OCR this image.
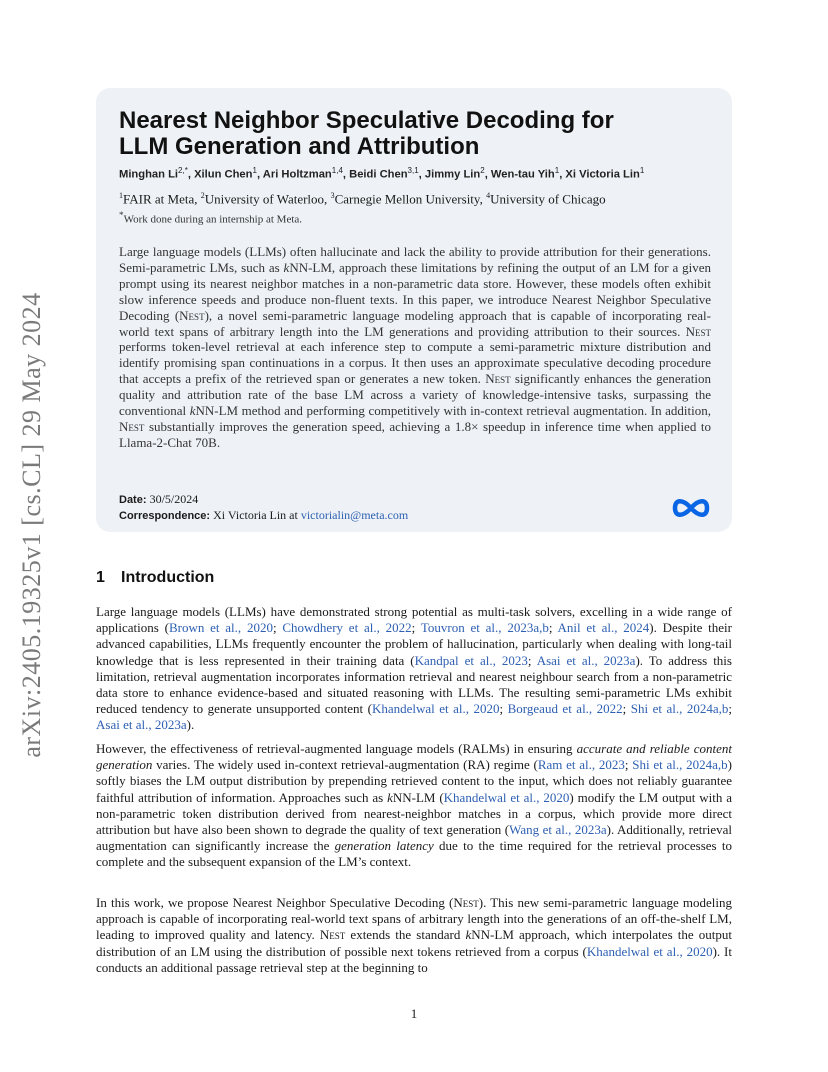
arXiv:2405.19325v1 [cs.CL] 29 May 2024
Nearest Neighbor Speculative Decoding for
LLM Generation and Attribution
Minghan $Li^{2,*}$, Xilun Chen$^1$, Ari Holtzman$^{1,4}$, Beidi Chen$^{3,1}$, Jimmy Lin$^2$, Wen-tau Yih$^1$, Xi Victoria Lin$^1$
$^1$FAIR at Meta, $^2$University of Waterloo, $^3$Carnegie Mellon University, $^4$University of Chicago
*Work done during an internship at Meta.
Large language models (LLMs) often hallucinate and lack the ability to provide attribution for their generations. Semi-parametric LMs, such as kNN-LM, approach these limitations by refining the output of an LM for a given prompt using its nearest neighbor matches in a non-parametric data store. However, these models often exhibit slow inference speeds and produce non-fluent texts. In this paper, we introduce Nearest Neighbor Speculative Decoding (Nest), a novel semi-parametric language modeling approach that is capable of incorporating real-world text spans of arbitrary length into the LM generations and providing attribution to their sources. Nest performs token-level retrieval at each inference step to compute a semi-parametric mixture distribution and identify promising span continuations in a corpus. It then uses an approximate speculative decoding procedure that accepts a prefix of the retrieved span or generates a new token. Nest significantly enhances the generation quality and attribution rate of the base LM across a variety of knowledge-intensive tasks, surpassing the conventional kNN-LM method and performing competitively with in-context retrieval augmentation. In addition, Nest substantially improves the generation speed, achieving a 1.8× speedup in inference time when applied to Llama-2-Chat 70B.
Date: 30/5/2024
Correspondence: Xi Victoria Lin at victorialin@meta.com
1 Introduction
Large language models (LLMs) have demonstrated strong potential as multi-task solvers, excelling in a wide range of applications (Brown et al., 2020; Chowdhery et al., 2022; Touvron et al., 2023a,b; Anil et al., 2024). Despite their advanced capabilities, LLMs frequently encounter the problem of hallucination, particularly when dealing with long-tail knowledge that is less represented in their training data (Kandpal et al., 2023; Asai et al., 2023a). To address this limitation, retrieval augmentation incorporates information retrieval and nearest neighbour search from a non-parametric data store to enhance evidence-based and situated reasoning with LLMs. The resulting semi-parametric LMs exhibit reduced tendency to generate unsupported content (Khandelwal et al., 2020; Borgeaud et al., 2022; Shi et al., 2024a,b; Asai et al., 2023a).
However, the effectiveness of retrieval-augmented language models (RALMs) in ensuring accurate and reliable content generation varies. The widely used in-context retrieval-augmentation (RA) regime (Ram et al., 2023; Shi et al., 2024a,b) softly biases the LM output distribution by prepending retrieved content to the input, which does not reliably guarantee faithful attribution of information. Approaches such as kNN-LM (Khandelwal et al., 2020) modify the LM output with a non-parametric token distribution derived from nearest-neighbor matches in a corpus, which provide more direct attribution but have also been shown to degrade the quality of text generation (Wang et al., 2023a). Additionally, retrieval augmentation can significantly increase the generation latency due to the time required for the retrieval processes to complete and the subsequent expansion of the LM’s context.
In this work, we propose Nearest Neighbor Speculative Decoding (Nest). This new semi-parametric language modeling approach is capable of incorporating real-world text spans of arbitrary length into the generations of an off-the-shelf LM, leading to improved quality and latency. Nest extends the standard kNN-LM approach, which interpolates the output distribution of an LM using the distribution of possible next tokens retrieved from a corpus (Khandelwal et al., 2020). It conducts an additional passage retrieval step at the beginning to
1
